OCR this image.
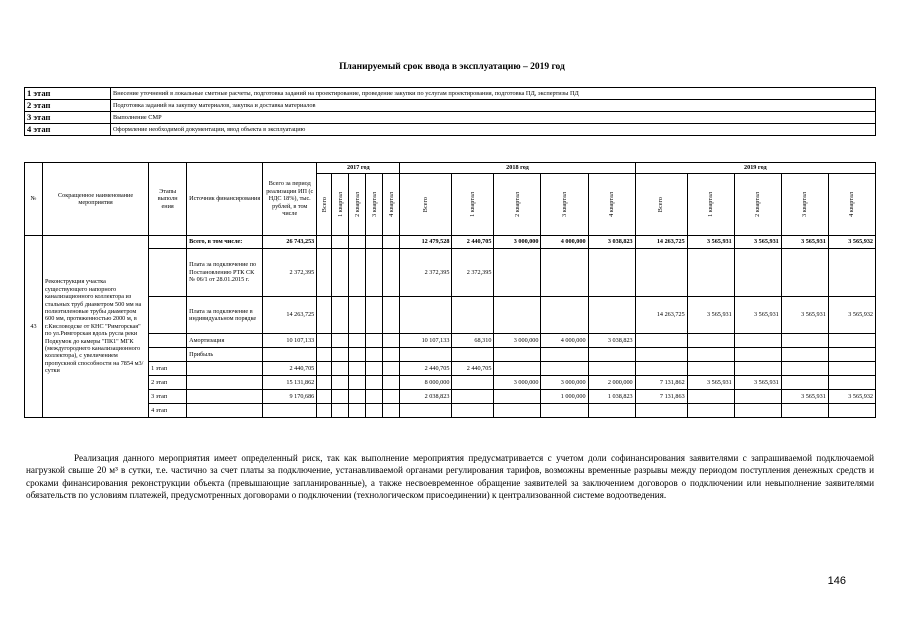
Планируемый срок ввода в эксплуатацию – 2019 год
1 этап	Внесение уточнений в локальные сметные расчеты, подготовка заданий на проектирование, проведение закупки по услугам проектирования, подготовка ПД, экспертизы ПД
2 этап	Подготовка заданий на закупку материалов, закупка и доставка материалов
3 этап	Выполнение СМР
4 этап	Оформление необходимой документации, ввод объекта в эксплуатацию
№	Сокращенное наименование мероприятия	Этапы выполн ения	Источник финансирования	Всего за период реализации ИП (с НДС 18%), тыс. рублей, в том числе	2017 год					2018 год					2019 год				

					Всего	1 квартал	2 квартал	3 квартал	4 квартал	Всего	1 квартал	2 квартал	3 квартал	4 квартал	Всего	1 квартал	2 квартал	3 квартал	4 квартал

43	Реконструкция участка существующего напорного канализационного коллектора из стальных труб диаметром 500 мм на полиэтиленовые трубы диаметром 600 мм, протяженностью 2000 м, в г.Кисловодске от КНС "Римгорская" по ул.Римгорская вдоль русла реки Подкумок до камеры "ПК1" МГК (междугороднего канализационного коллектора), с увеличением пропускной способности на 7854 м3/сутки		Всего, в том числе:	26 743,253						12 479,528	2 440,705	3 000,000	4 000,000	3 038,823	14 263,725	3 565,931	3 565,931	3 565,931	3 565,932
			Плата за подключение по Постановлению РТК СК № 06/1 от 28.01.2015 г.	2 372,395						2 372,395	2 372,395								
			Плата за подключение в индивидуальном порядке	14 263,725											14 263,725	3 565,931	3 565,931	3 565,931	3 565,932
			Амортизация	10 107,133						10 107,133	68,310	3 000,000	4 000,000	3 038,823					
			Прибыль																
		1 этап		2 440,705						2 440,705	2 440,705								
		2 этап		15 131,862						8 000,000		3 000,000	3 000,000	2 000,000	7 131,862	3 565,931	3 565,931		
		3 этап		9 170,686						2 038,823			1 000,000	1 038,823	7 131,863			3 565,931	3 565,932
		4 этап																	
Реализация данного мероприятия имеет определенный риск, так как выполнение мероприятия предусматривается с учетом доли софинансирования заявителями с запрашиваемой подключаемой нагрузкой свыше 20 м³ в сутки, т.е. частично за счет платы за подключение, устанавливаемой органами регулирования тарифов, возможны временные разрывы между периодом поступления денежных средств и сроками финансирования реконструкции объекта (превышающие запланированные), а также несвоевременное обращение заявителей за заключением договоров о подключении или невыполнение заявителями обязательств по условиям платежей, предусмотренных договорами о подключении (технологическом присоединении) к централизованной системе водоотведения.
146
